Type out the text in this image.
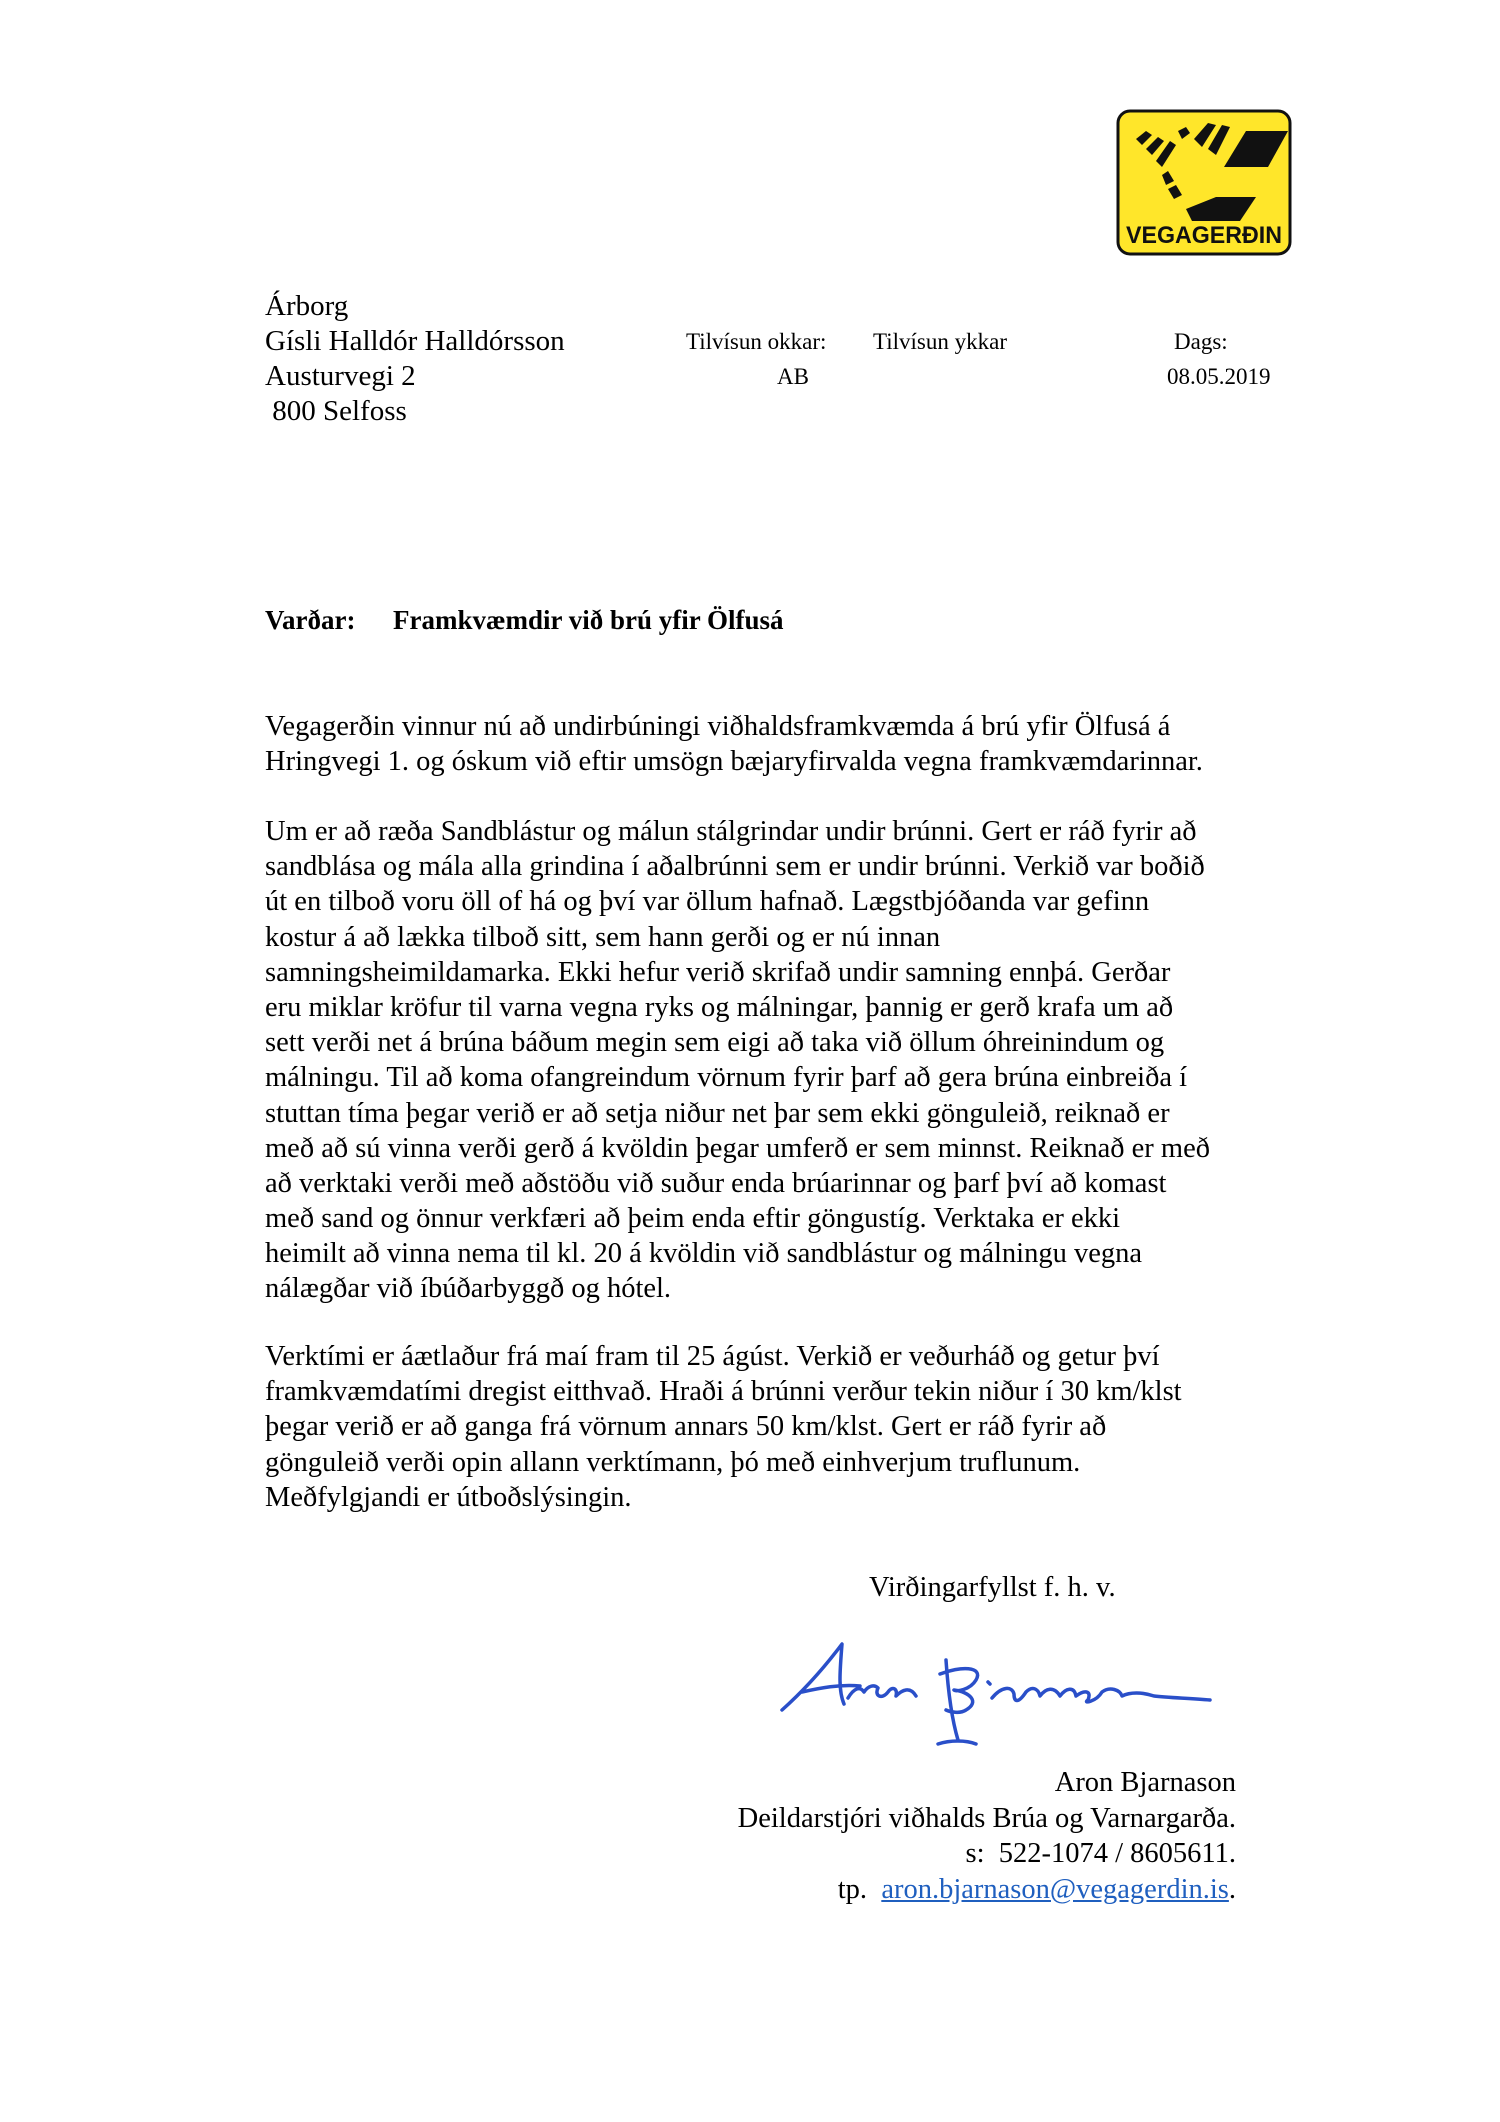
VEGAGERÐIN
Árborg
Gísli Halldór Halldórsson
Austurvegi 2
800 Selfoss
Tilvísun okkar:
AB
Tilvísun ykkar	Dags:
08.05.2019
Varðar: Framkvæmdir við brú yfir Ölfusá
Vegagerðin vinnur nú að undirbúningi viðhaldsframkvæmda á brú yfir Ölfusá á
Hringvegi 1. og óskum við eftir umsögn bæjaryfirvalda vegna framkvæmdarinnar.
Um er að ræða Sandblástur og málun stálgrindar undir brúnni. Gert er ráð fyrir að
sandblása og mála alla grindina í aðalbrúnni sem er undir brúnni. Verkið var boðið
út en tilboð voru öll of há og því var öllum hafnað. Lægstbjóðanda var gefinn
kostur á að lækka tilboð sitt, sem hann gerði og er nú innan
samningsheimildamarka. Ekki hefur verið skrifað undir samning ennþá. Gerðar
eru miklar kröfur til varna vegna ryks og málningar, þannig er gerð krafa um að
sett verði net á brúna báðum megin sem eigi að taka við öllum óhreinindum og
málningu. Til að koma ofangreindum vörnum fyrir þarf að gera brúna einbreiða í
stuttan tíma þegar verið er að setja niður net þar sem ekki gönguleið, reiknað er
með að sú vinna verði gerð á kvöldin þegar umferð er sem minnst. Reiknað er með
að verktaki verði með aðstöðu við suður enda brúarinnar og þarf því að komast
með sand og önnur verkfæri að þeim enda eftir göngustíg. Verktaka er ekki
heimilt að vinna nema til kl. 20 á kvöldin við sandblástur og málningu vegna
nálægðar við íbúðarbyggð og hótel.
Verktími er áætlaður frá maí fram til 25 ágúst. Verkið er veðurháð og getur því
framkvæmdatími dregist eitthvað. Hraði á brúnni verður tekin niður í 30 km/klst
þegar verið er að ganga frá vörnum annars 50 km/klst. Gert er ráð fyrir að
gönguleið verði opin allann verktímann, þó með einhverjum truflunum.
Meðfylgjandi er útboðslýsingin.
Virðingarfyllst f. h. v.
Aron Bjarnason
Deildarstjóri viðhalds Brúa og Varnargarða.
s:  522-1074 / 8605611.
tp.  aron.bjarnason@vegagerdin.is.
